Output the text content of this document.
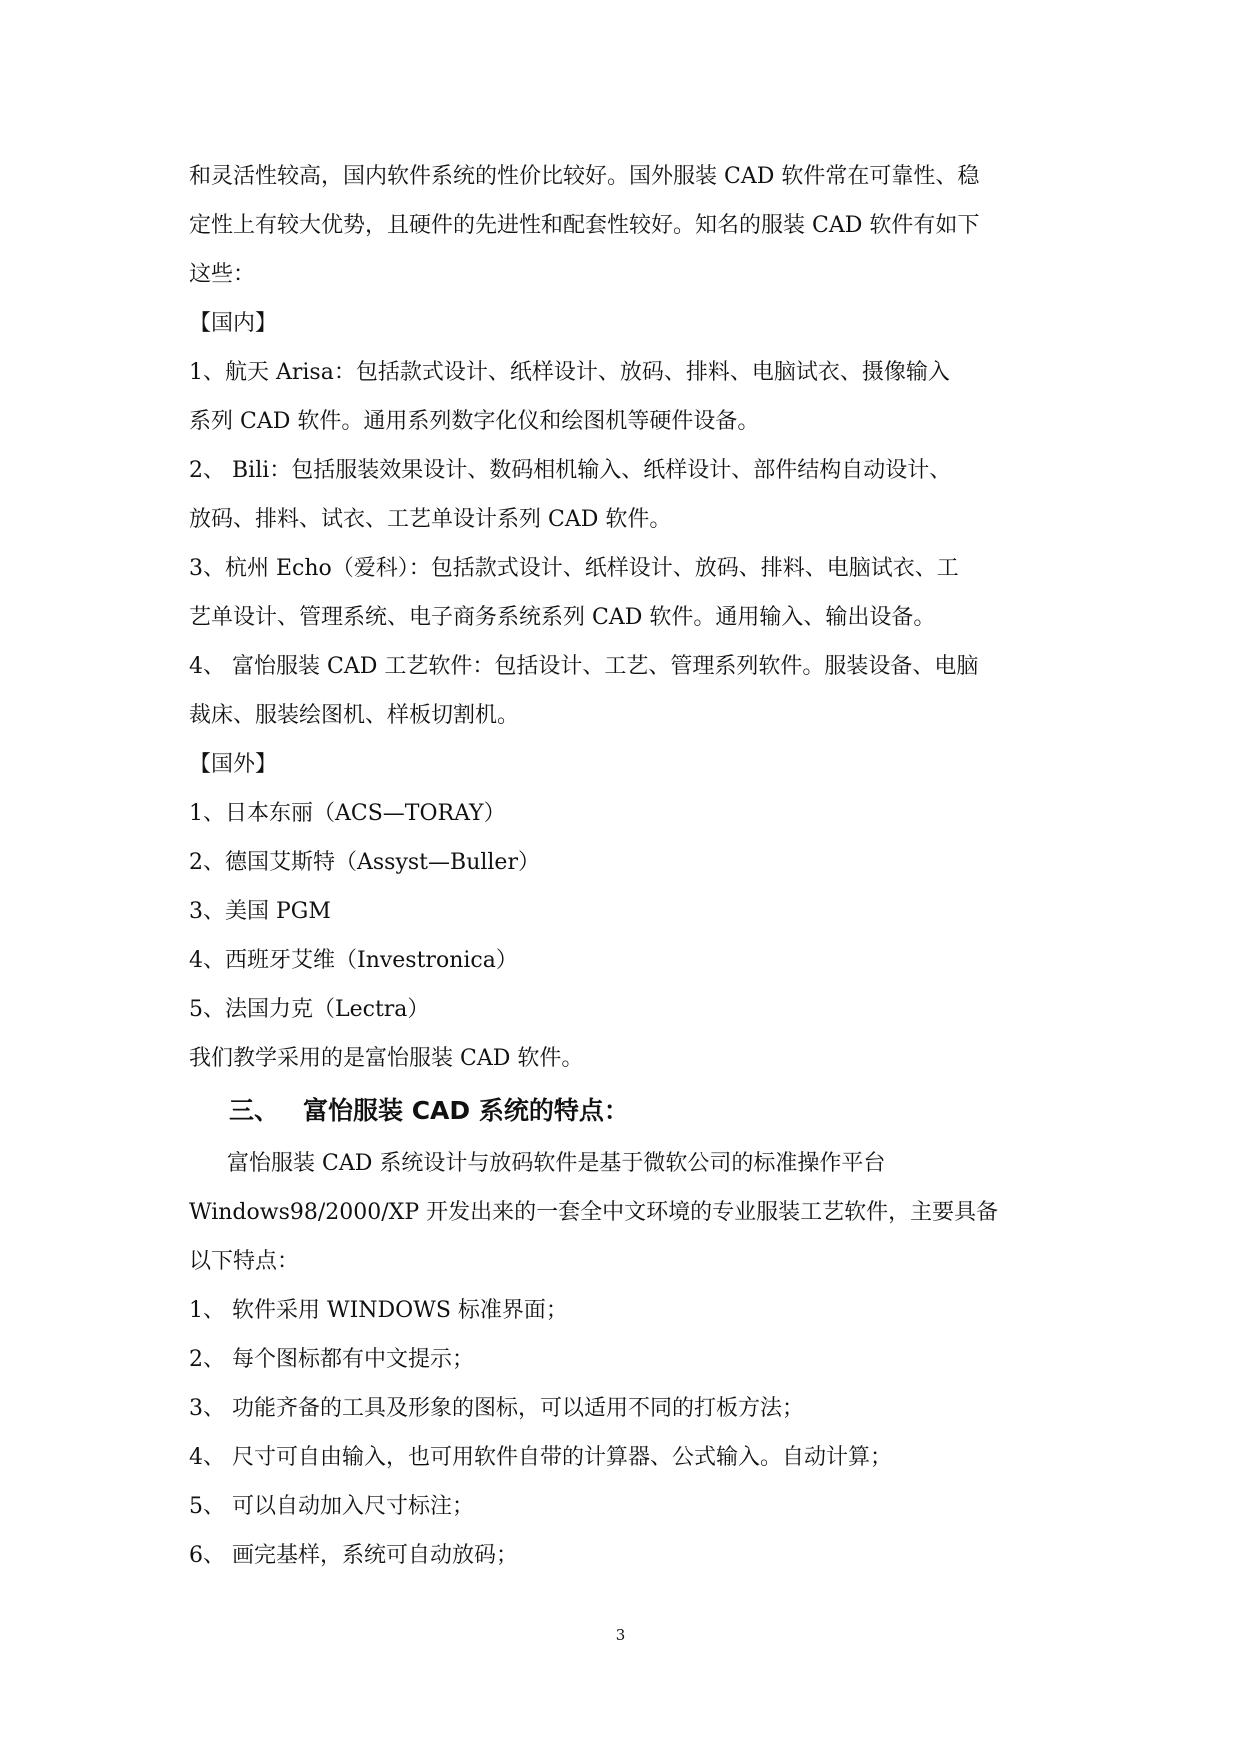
和灵活性较高，国内软件系统的性价比较好。国外服装 CAD 软件常在可靠性、稳
定性上有较大优势，且硬件的先进性和配套性较好。知名的服装 CAD 软件有如下
这些：
【国内】
1、航天 Arisa：包括款式设计、纸样设计、放码、排料、电脑试衣、摄像输入
系列 CAD 软件。通用系列数字化仪和绘图机等硬件设备。
2、 Bili：包括服装效果设计、数码相机输入、纸样设计、部件结构自动设计、
放码、排料、试衣、工艺单设计系列 CAD 软件。
3、杭州 Echo（爱科）：包括款式设计、纸样设计、放码、排料、电脑试衣、工
艺单设计、管理系统、电子商务系统系列 CAD 软件。通用输入、输出设备。
4、 富怡服装 CAD 工艺软件：包括设计、工艺、管理系列软件。服装设备、电脑
裁床、服装绘图机、样板切割机。
【国外】
1、日本东丽（ACS—TORAY）
2、德国艾斯特（Assyst—Buller）
3、美国 PGM
4、西班牙艾维（Investronica）
5、法国力克（Lectra）
我们教学采用的是富怡服装 CAD 软件。
三、 富怡服装 CAD 系统的特点：
富怡服装 CAD 系统设计与放码软件是基于微软公司的标准操作平台
Windows98/2000/XP 开发出来的一套全中文环境的专业服装工艺软件，主要具备
以下特点：
1、 软件采用 WINDOWS 标准界面；
2、 每个图标都有中文提示；
3、 功能齐备的工具及形象的图标，可以适用不同的打板方法；
4、 尺寸可自由输入，也可用软件自带的计算器、公式输入。自动计算；
5、 可以自动加入尺寸标注；
6、 画完基样，系统可自动放码；
3
